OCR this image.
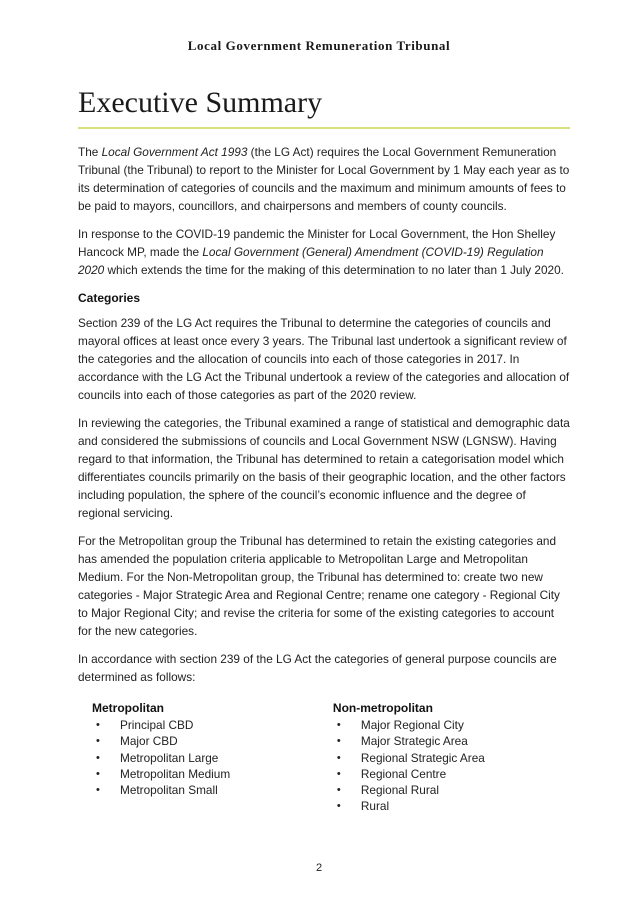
Local Government Remuneration Tribunal
Executive Summary

The Local Government Act 1993 (the LG Act) requires the Local Government Remuneration Tribunal (the Tribunal) to report to the Minister for Local Government by 1 May each year as to its determination of categories of councils and the maximum and minimum amounts of fees to be paid to mayors, councillors, and chairpersons and members of county councils.

In response to the COVID-19 pandemic the Minister for Local Government, the Hon Shelley Hancock MP, made the Local Government (General) Amendment (COVID-19) Regulation 2020 which extends the time for the making of this determination to no later than 1 July 2020.

Categories

Section 239 of the LG Act requires the Tribunal to determine the categories of councils and mayoral offices at least once every 3 years. The Tribunal last undertook a significant review of the categories and the allocation of councils into each of those categories in 2017. In accordance with the LG Act the Tribunal undertook a review of the categories and allocation of councils into each of those categories as part of the 2020 review.

In reviewing the categories, the Tribunal examined a range of statistical and demographic data and considered the submissions of councils and Local Government NSW (LGNSW). Having regard to that information, the Tribunal has determined to retain a categorisation model which differentiates councils primarily on the basis of their geographic location, and the other factors including population, the sphere of the council’s economic influence and the degree of regional servicing.

For the Metropolitan group the Tribunal has determined to retain the existing categories and has amended the population criteria applicable to Metropolitan Large and Metropolitan Medium. For the Non-Metropolitan group, the Tribunal has determined to: create two new categories - Major Strategic Area and Regional Centre; rename one category - Regional City to Major Regional City; and revise the criteria for some of the existing categories to account for the new categories.

In accordance with section 239 of the LG Act the categories of general purpose councils are determined as follows:

Metropolitan
•	Principal CBD
•	Major CBD
•	Metropolitan Large
•	Metropolitan Medium
•	Metropolitan Small
Non-metropolitan
•	Major Regional City
•	Major Strategic Area
•	Regional Strategic Area
•	Regional Centre
•	Regional Rural
•	Rural
2
